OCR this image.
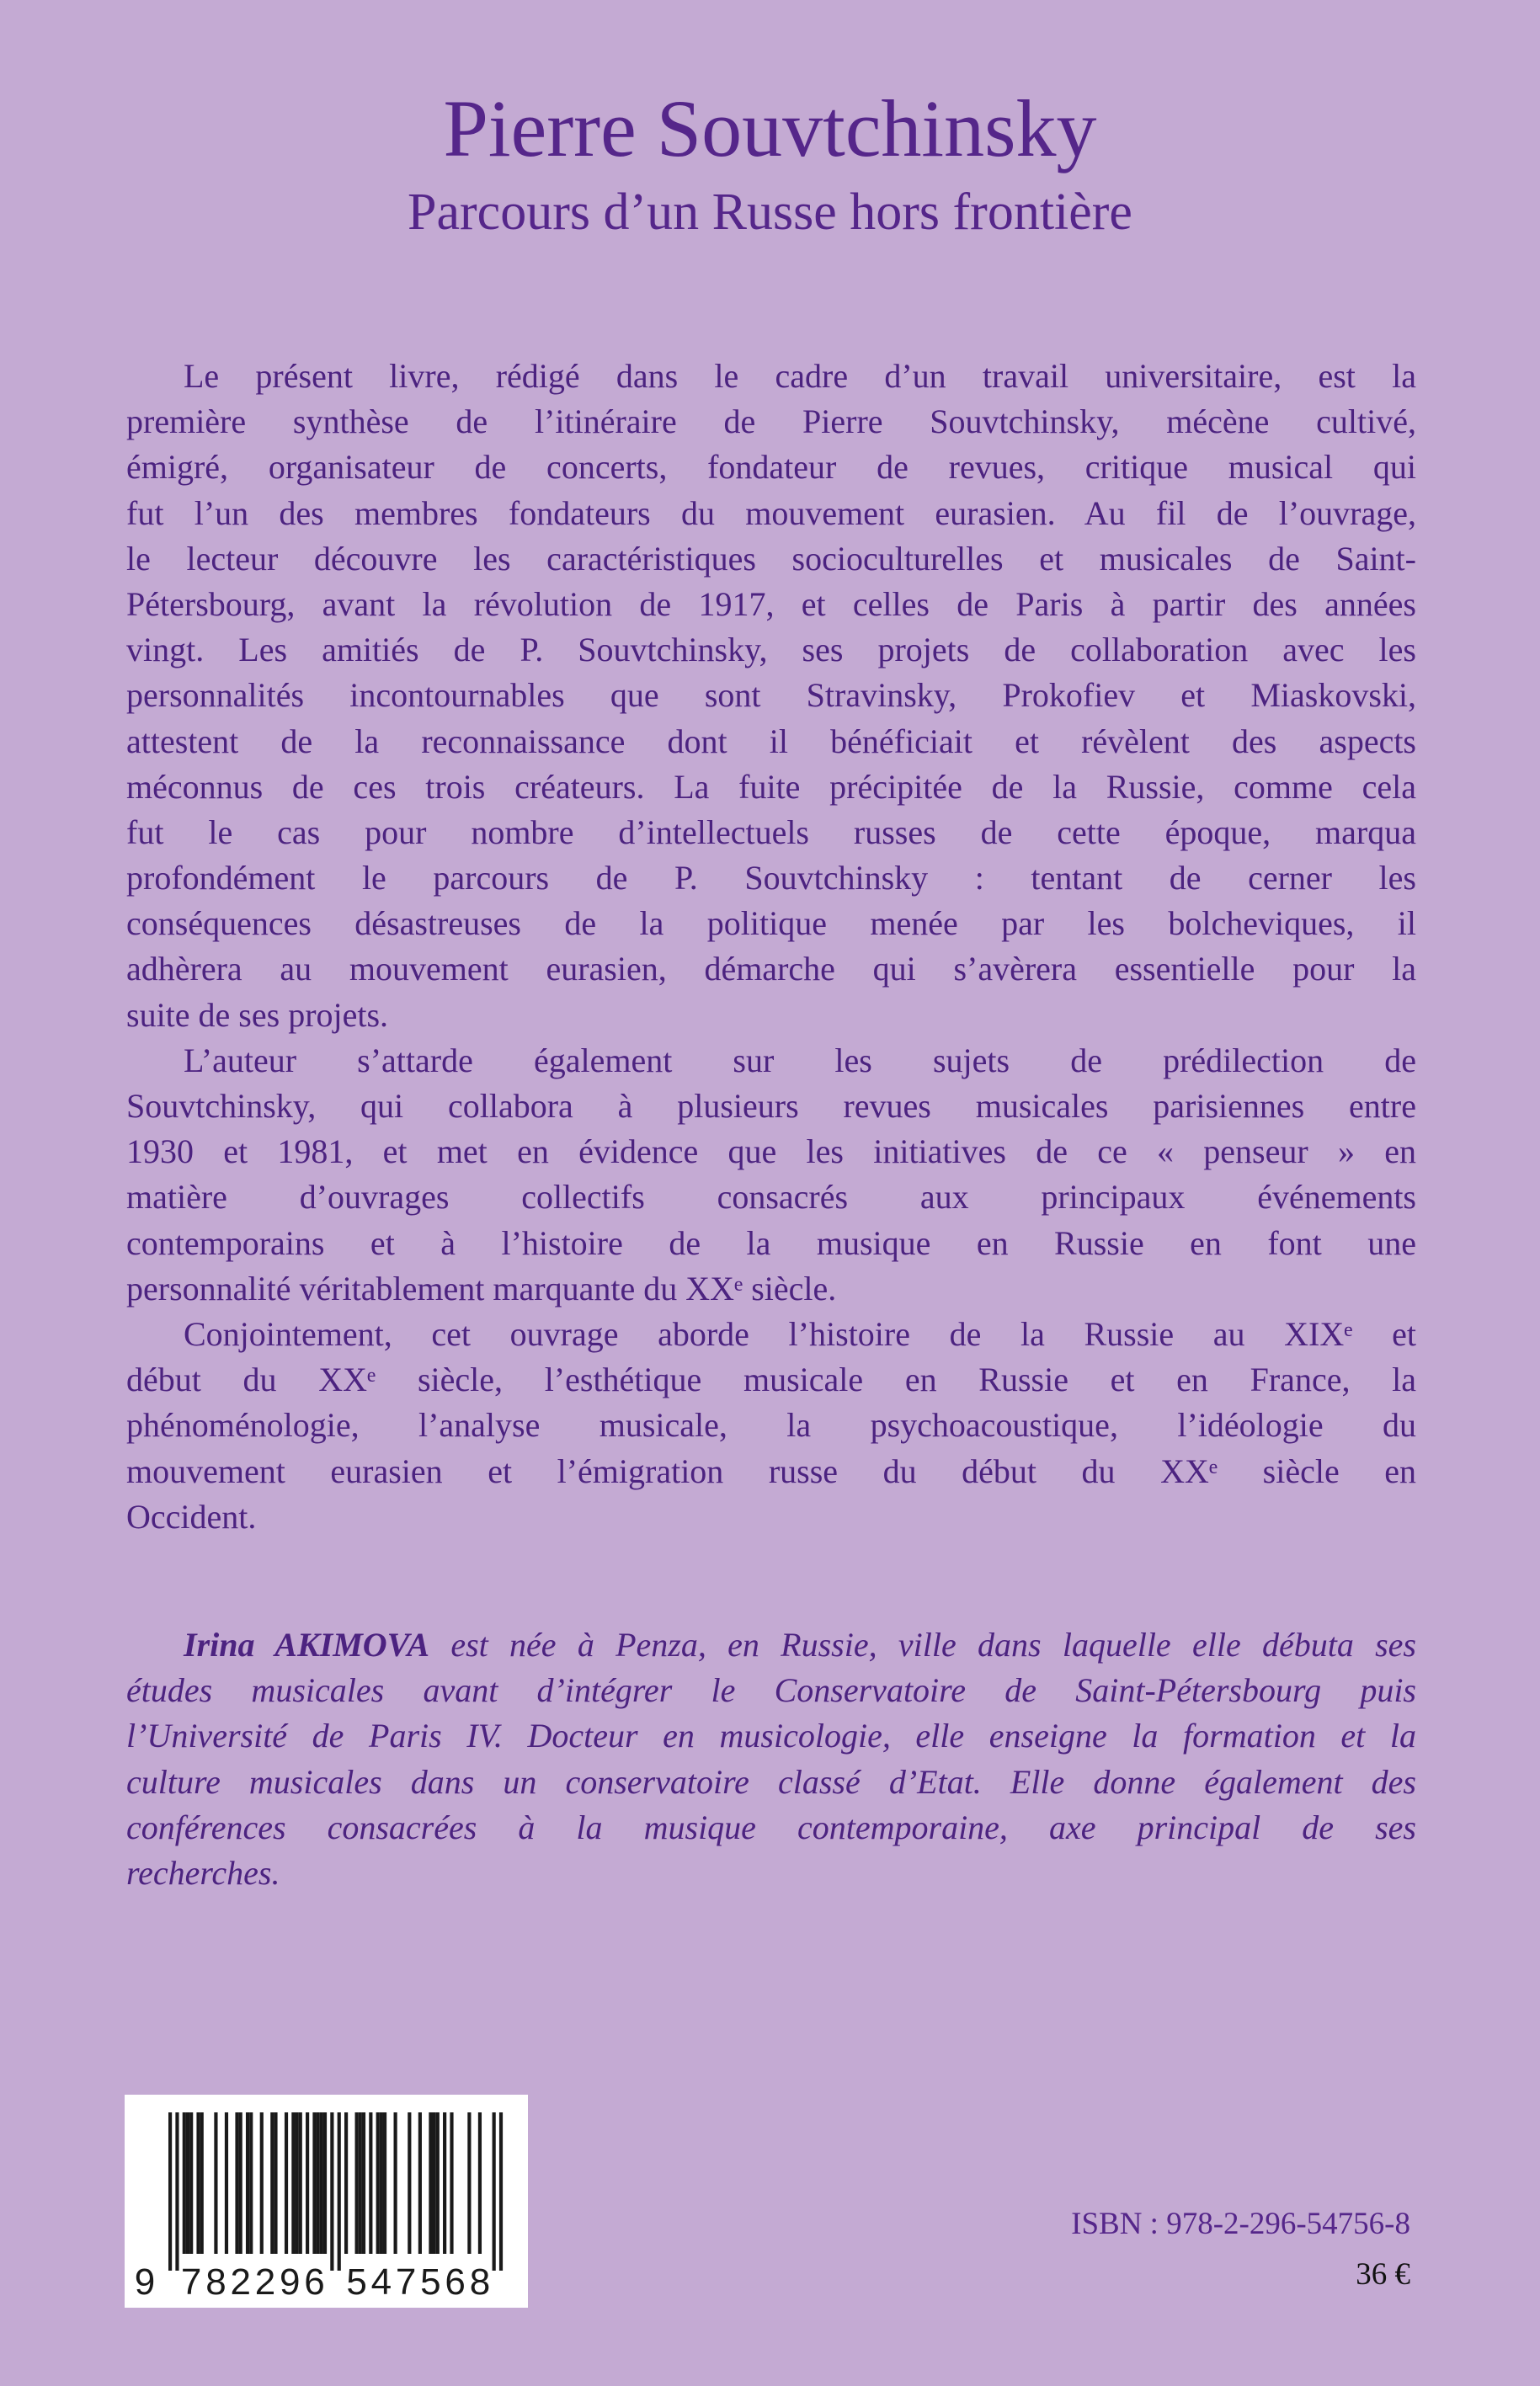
Pierre Souvtchinsky
Parcours d’un Russe hors frontière
Le présent livre, rédigé dans le cadre d’un travail universitaire, est la
première synthèse de l’itinéraire de Pierre Souvtchinsky, mécène cultivé,
émigré, organisateur de concerts, fondateur de revues, critique musical qui
fut l’un des membres fondateurs du mouvement eurasien. Au fil de l’ouvrage,
le lecteur découvre les caractéristiques socioculturelles et musicales de Saint-
Pétersbourg, avant la révolution de 1917, et celles de Paris à partir des années
vingt. Les amitiés de P. Souvtchinsky, ses projets de collaboration avec les
personnalités incontournables que sont Stravinsky, Prokofiev et Miaskovski,
attestent de la reconnaissance dont il bénéficiait et révèlent des aspects
méconnus de ces trois créateurs. La fuite précipitée de la Russie, comme cela
fut le cas pour nombre d’intellectuels russes de cette époque, marqua
profondément le parcours de P. Souvtchinsky : tentant de cerner les
conséquences désastreuses de la politique menée par les bolcheviques, il
adhèrera au mouvement eurasien, démarche qui s’avèrera essentielle pour la
suite de ses projets.
L’auteur s’attarde également sur les sujets de prédilection de
Souvtchinsky, qui collabora à plusieurs revues musicales parisiennes entre
1930 et 1981, et met en évidence que les initiatives de ce « penseur » en
matière d’ouvrages collectifs consacrés aux principaux événements
contemporains et à l’histoire de la musique en Russie en font une
personnalité véritablement marquante du XXᵉ siècle.
Conjointement, cet ouvrage aborde l’histoire de la Russie au XIXᵉ et
début du XXᵉ siècle, l’esthétique musicale en Russie et en France, la
phénoménologie, l’analyse musicale, la psychoacoustique, l’idéologie du
mouvement eurasien et l’émigration russe du début du XXᵉ siècle en
Occident.
Irina AKIMOVA est née à Penza, en Russie, ville dans laquelle elle débuta ses
études musicales avant d’intégrer le Conservatoire de Saint-Pétersbourg puis
l’Université de Paris IV. Docteur en musicologie, elle enseigne la formation et la
culture musicales dans un conservatoire classé d’Etat. Elle donne également des
conférences consacrées à la musique contemporaine, axe principal de ses
recherches.
9 7 8 2 2 9 6 5 4 7 5 6 8
ISBN : 978-2-296-54756-8
36 €
